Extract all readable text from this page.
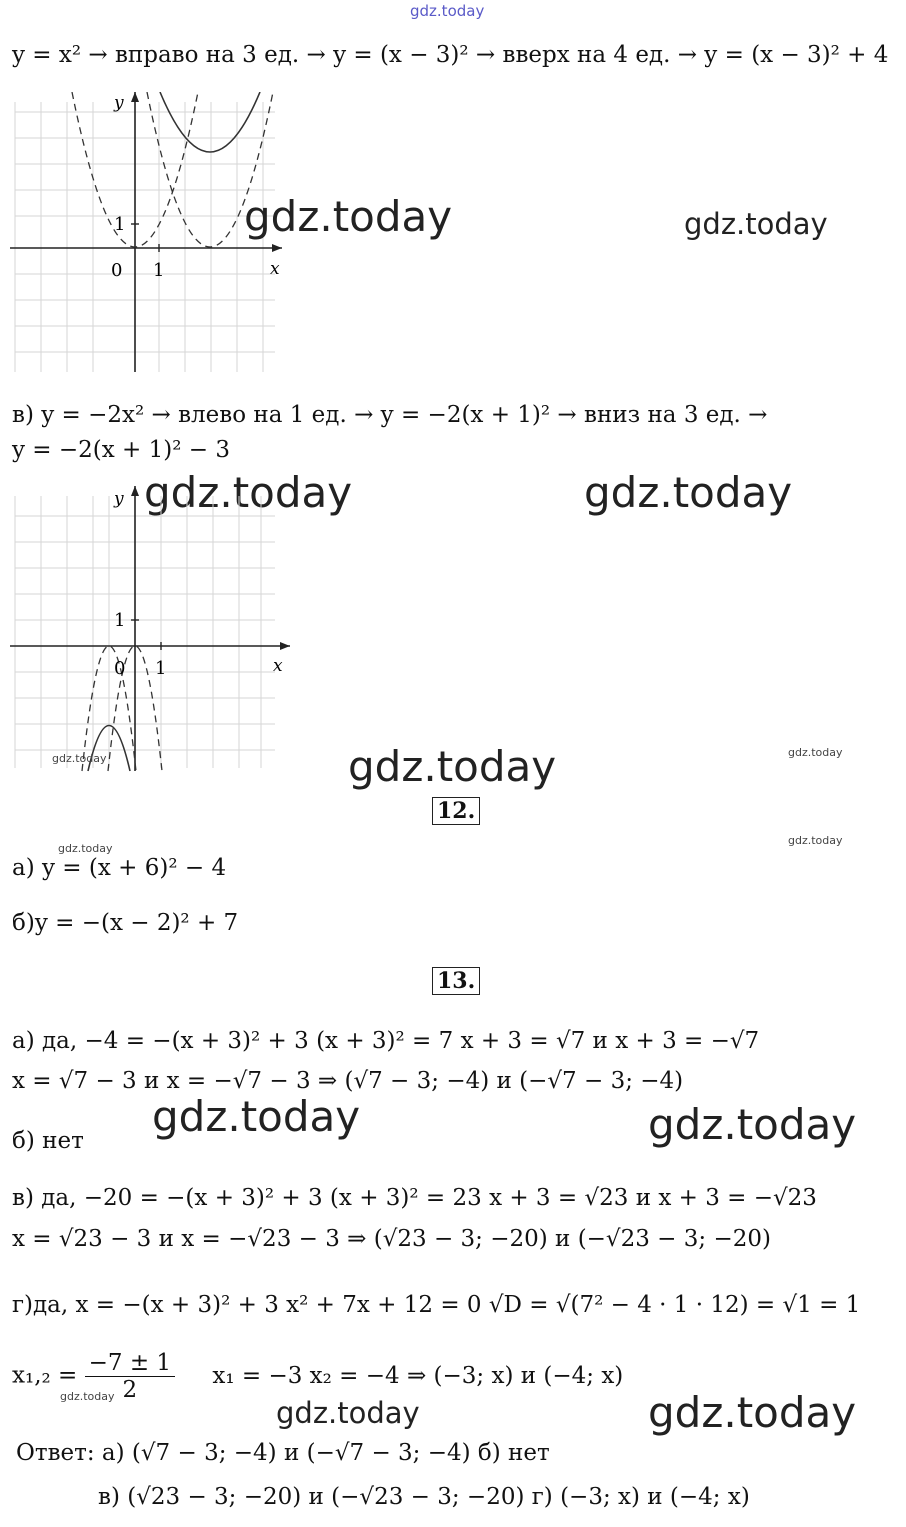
gdz.today
y = x² → вправо на 3 ед. → y = (x − 3)² → вверх на 4 ед. → y = (x − 3)² + 4
y
x
0 1
1	gdz.today	gdz.today
в) y = −2x² → влево на 1 ед. → y = −2(x + 1)² → вниз на 3 ед. →
y = −2(x + 1)² − 3
gdz.today	gdz.today
y
x
0 1
1
gdz.today	gdz.today	gdz.today
12.
gdz.today
gdz.today
а) y = (x + 6)² − 4
б)y = −(x − 2)² + 7
13.
а) да, −4 = −(x + 3)² + 3 (x + 3)² = 7 x + 3 = √7 и x + 3 = −√7
x = √7 − 3 и x = −√7 − 3 ⇒ (√7 − 3; −4) и (−√7 − 3; −4)
gdz.today
б) нет	gdz.today
в) да, −20 = −(x + 3)² + 3 (x + 3)² = 23 x + 3 = √23 и x + 3 = −√23
x = √23 − 3 и x = −√23 − 3 ⇒ (√23 − 3; −20) и (−√23 − 3; −20)
г)да, x = −(x + 3)² + 3 x² + 7x + 12 = 0 √D = √(7² − 4 · 1 · 12) = √1 = 1
$x_1,_2 = \frac{-7 \pm 1}{2} x_1 = -3$ x₂ = −4 ⇒ (−3; x) и (−4; x)
gdz.today	gdz.today	gdz.today
Ответ: а) (√7 − 3; −4) и (−√7 − 3; −4) б) нет
в) (√23 − 3; −20) и (−√23 − 3; −20) г) (−3; x) и (−4; x)
